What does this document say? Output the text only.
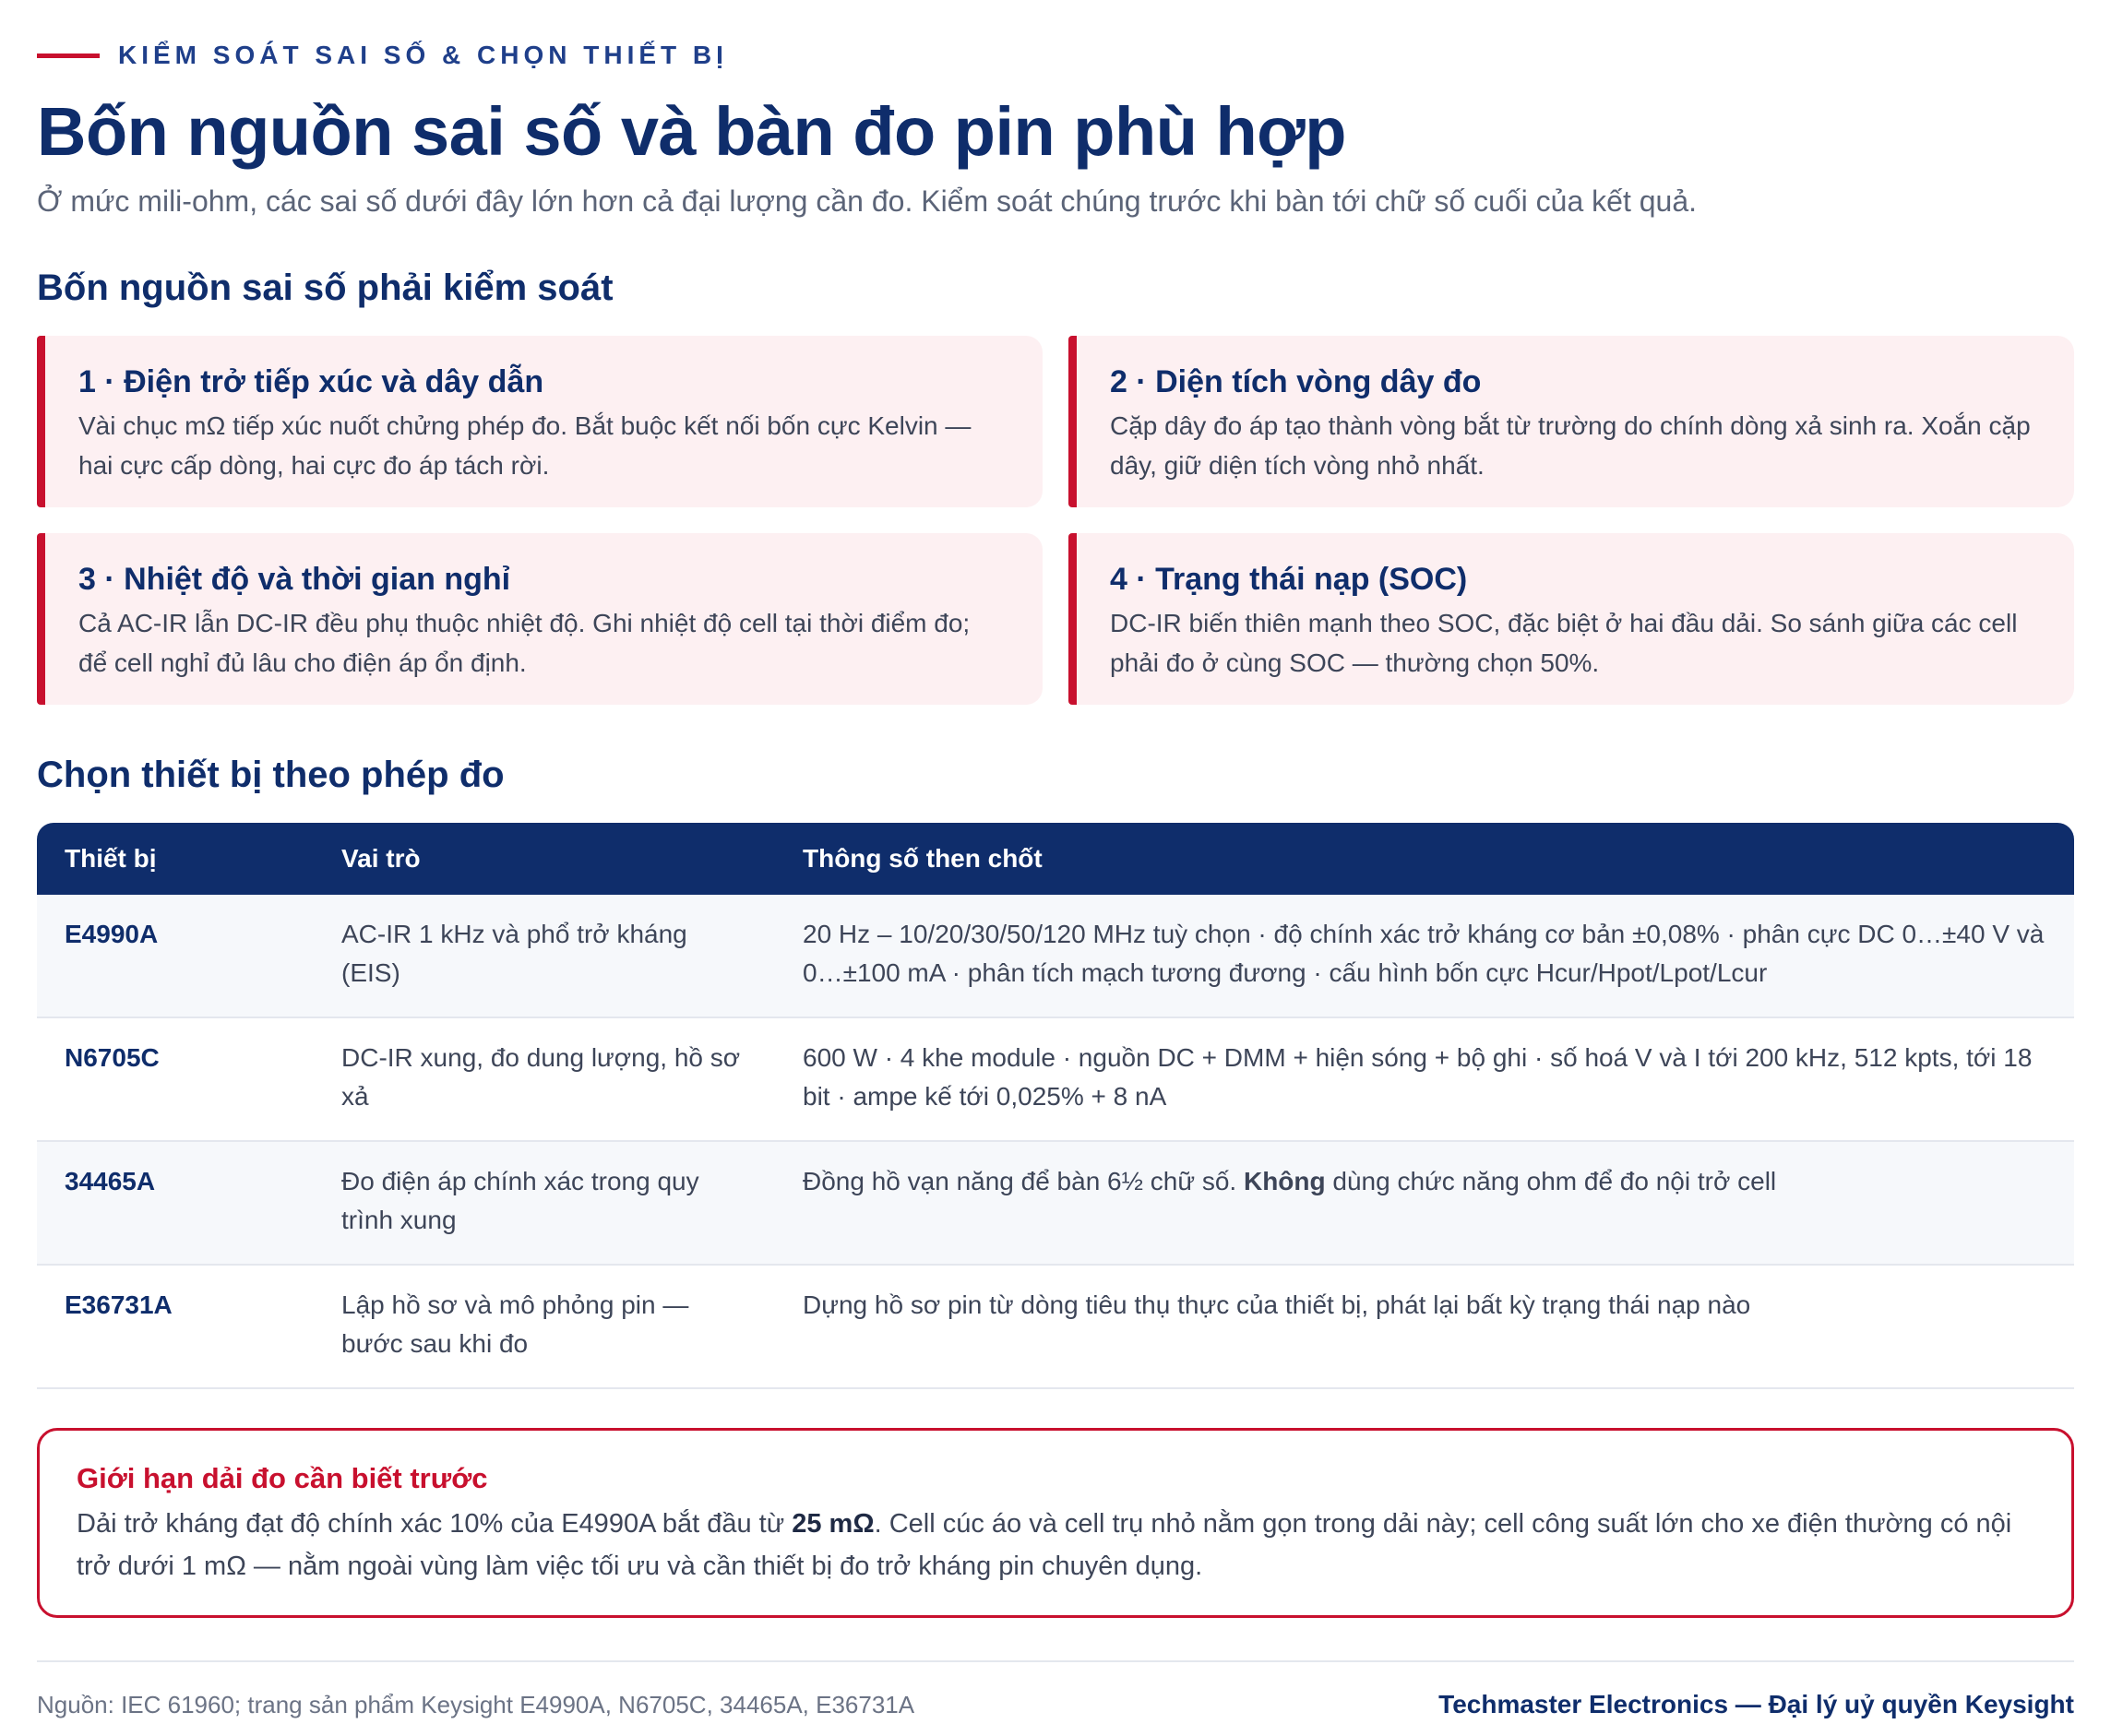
KIỂM SOÁT SAI SỐ & CHỌN THIẾT BỊ
Bốn nguồn sai số và bàn đo pin phù hợp

Ở mức mili-ohm, các sai số dưới đây lớn hơn cả đại lượng cần đo. Kiểm soát chúng trước khi bàn tới chữ số cuối của kết quả.

Bốn nguồn sai số phải kiểm soát
1 · Điện trở tiếp xúc và dây dẫn
Vài chục mΩ tiếp xúc nuốt chửng phép đo. Bắt buộc kết nối bốn cực Kelvin — hai cực cấp dòng, hai cực đo áp tách rời.
2 · Diện tích vòng dây đo
Cặp dây đo áp tạo thành vòng bắt từ trường do chính dòng xả sinh ra. Xoắn cặp dây, giữ diện tích vòng nhỏ nhất.
3 · Nhiệt độ và thời gian nghỉ
Cả AC-IR lẫn DC-IR đều phụ thuộc nhiệt độ. Ghi nhiệt độ cell tại thời điểm đo; để cell nghỉ đủ lâu cho điện áp ổn định.
4 · Trạng thái nạp (SOC)
DC-IR biến thiên mạnh theo SOC, đặc biệt ở hai đầu dải. So sánh giữa các cell phải đo ở cùng SOC — thường chọn 50%.
Chọn thiết bị theo phép đo
Thiết bị	Vai trò	Thông số then chốt
E4990A	AC-IR 1 kHz và phổ trở kháng (EIS)	20 Hz – 10/20/30/50/120 MHz tuỳ chọn · độ chính xác trở kháng cơ bản ±0,08% · phân cực DC 0…±40 V và 0…±100 mA · phân tích mạch tương đương · cấu hình bốn cực Hcur/Hpot/Lpot/Lcur
N6705C	DC-IR xung, đo dung lượng, hồ sơ xả	600 W · 4 khe module · nguồn DC + DMM + hiện sóng + bộ ghi · số hoá V và I tới 200 kHz, 512 kpts, tới 18 bit · ampe kế tới 0,025% + 8 nA
34465A	Đo điện áp chính xác trong quy trình xung	Đồng hồ vạn năng để bàn 6½ chữ số. Không dùng chức năng ohm để đo nội trở cell
E36731A	Lập hồ sơ và mô phỏng pin — bước sau khi đo	Dựng hồ sơ pin từ dòng tiêu thụ thực của thiết bị, phát lại bất kỳ trạng thái nạp nào
Giới hạn dải đo cần biết trước
Dải trở kháng đạt độ chính xác 10% của E4990A bắt đầu từ 25 mΩ. Cell cúc áo và cell trụ nhỏ nằm gọn trong dải này; cell công suất lớn cho xe điện thường có nội trở dưới 1 mΩ — nằm ngoài vùng làm việc tối ưu và cần thiết bị đo trở kháng pin chuyên dụng.
Nguồn: IEC 61960; trang sản phẩm Keysight E4990A, N6705C, 34465A, E36731A	Techmaster Electronics — Đại lý uỷ quyền Keysight
